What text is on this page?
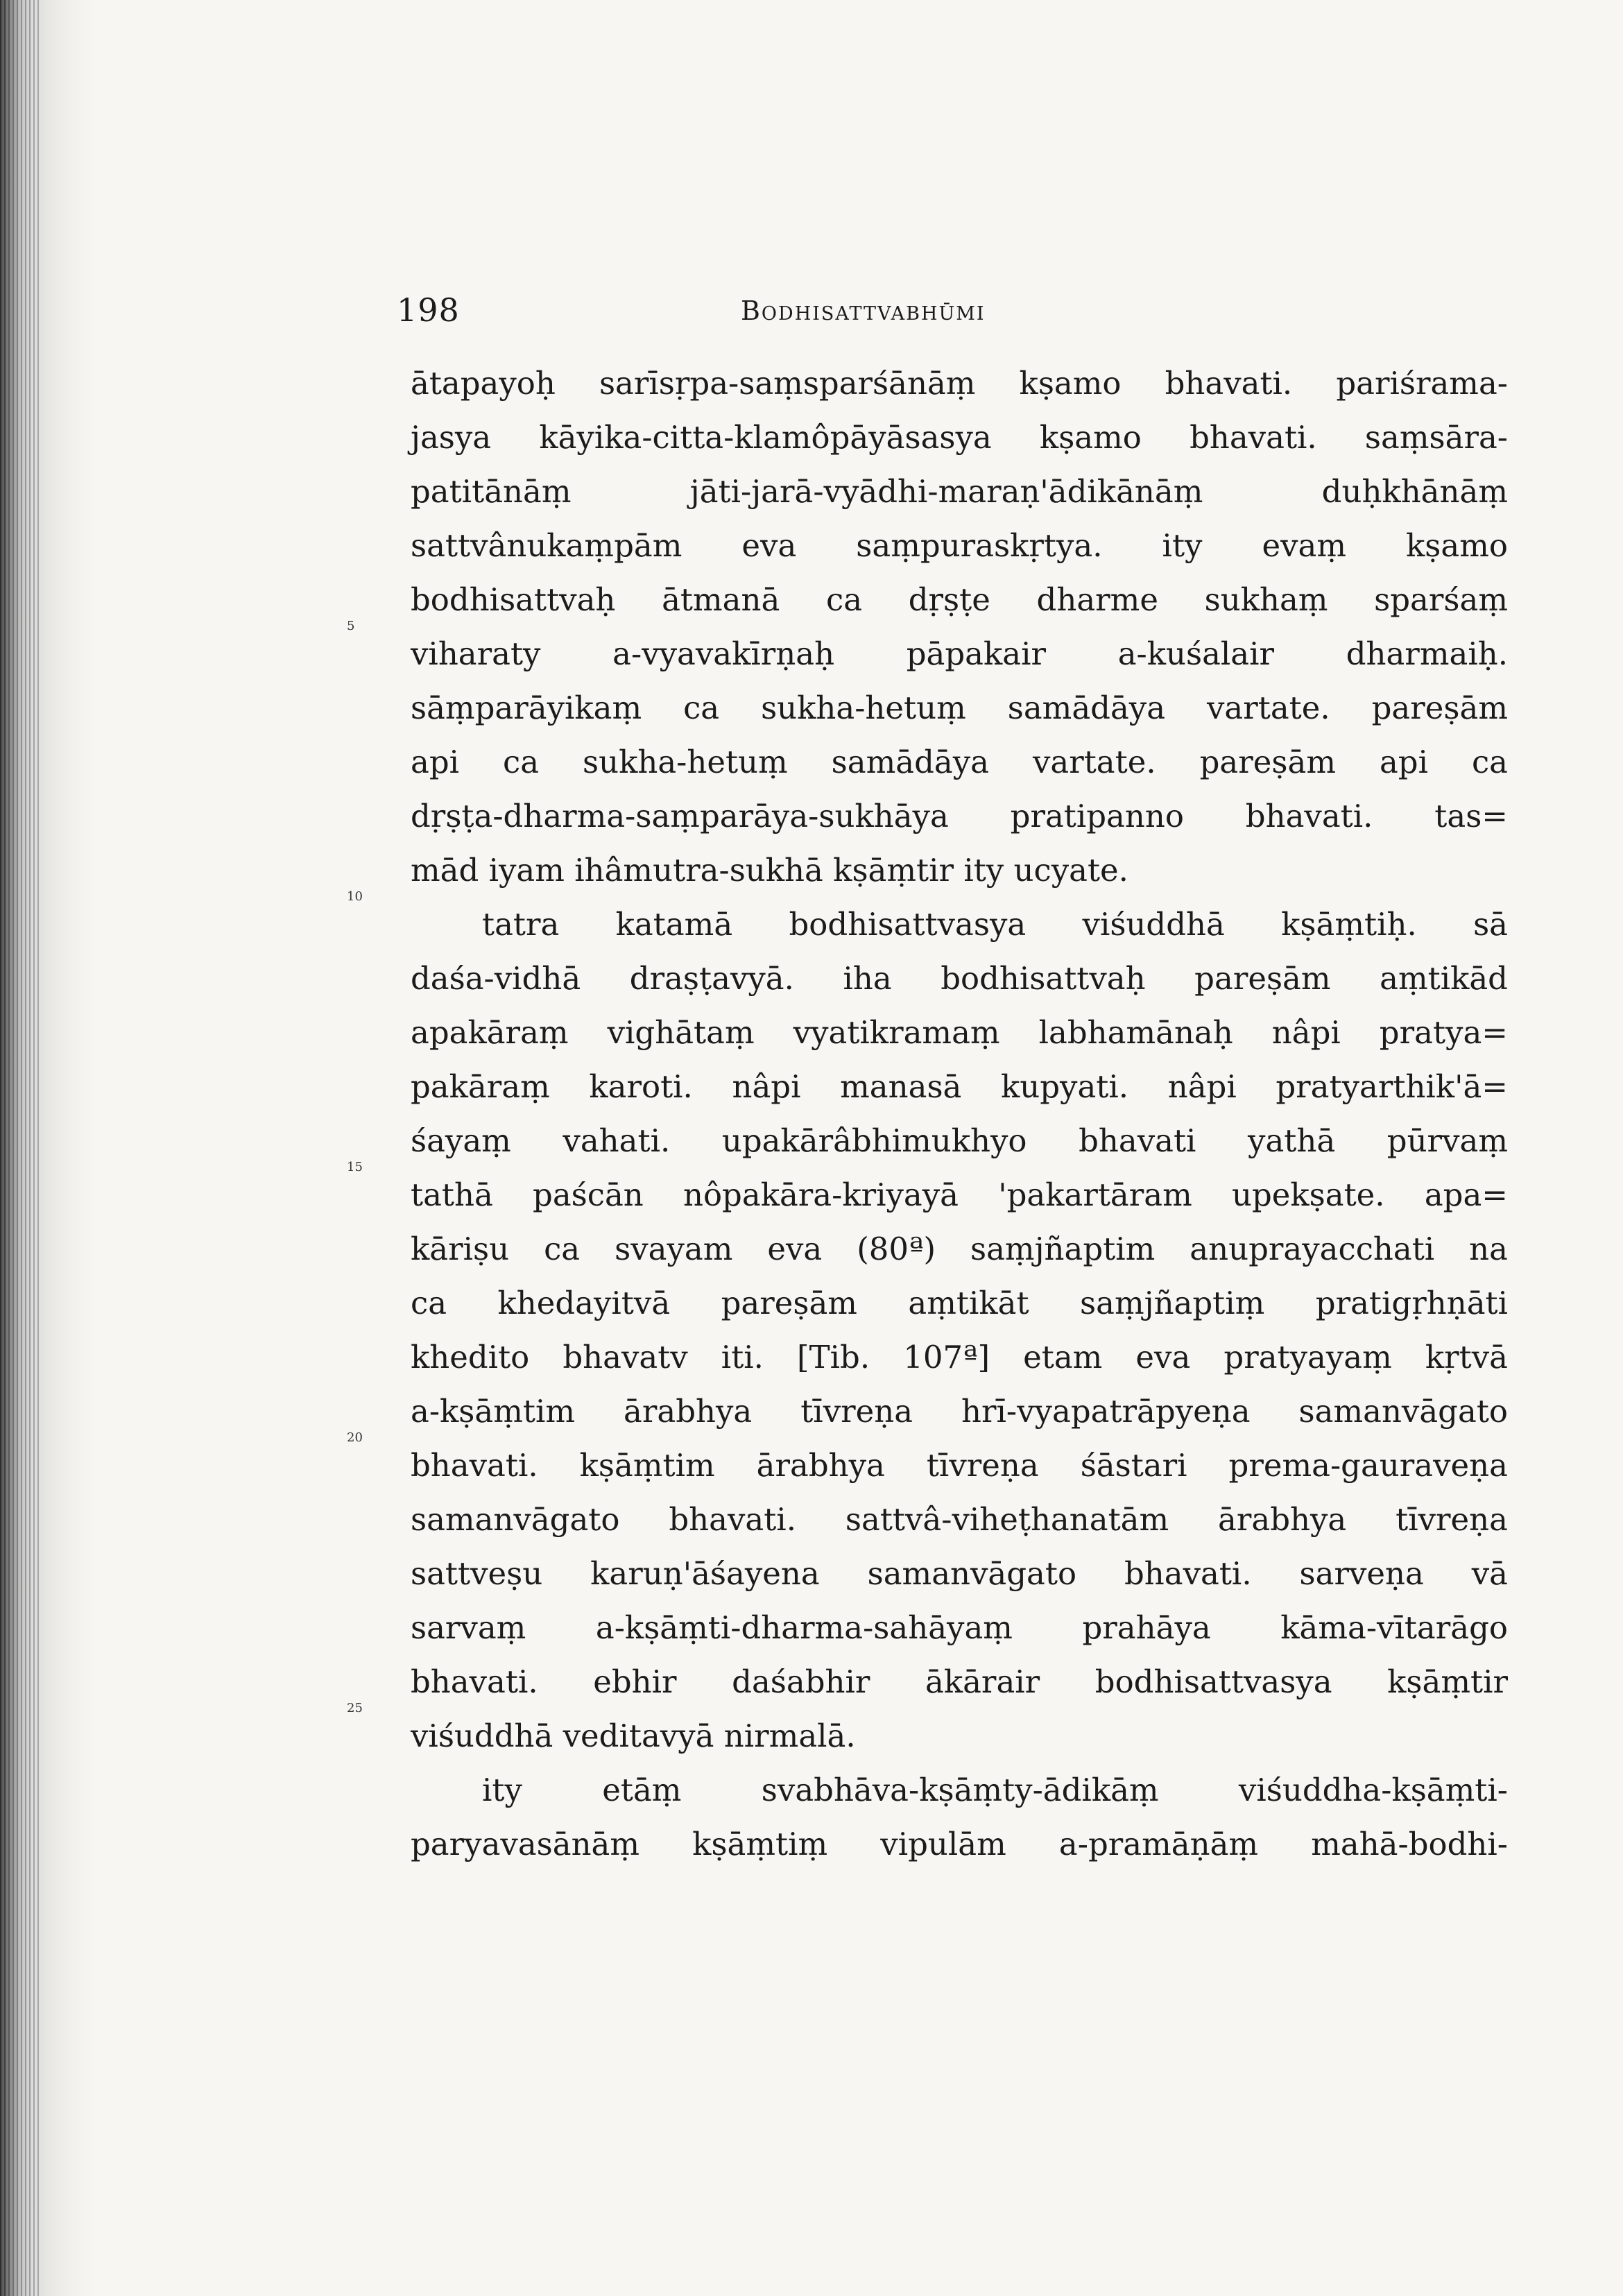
198	Bodhisattvabhūmi
5
10
15
20
25
ātapayoḥ sarīsṛpa-saṃsparśānāṃ kṣamo bhavati. pariśrama-
jasya kāyika-citta-klamôpāyāsasya kṣamo bhavati. saṃsāra-
patitānāṃ jāti-jarā-vyādhi-maraṇ'ādikānāṃ duḥkhānāṃ
sattvânukaṃpām eva saṃpuraskṛtya. ity evaṃ kṣamo
bodhisattvaḥ ātmanā ca dṛṣṭe dharme sukhaṃ sparśaṃ
viharaty a-vyavakīrṇaḥ pāpakair a-kuśalair dharmaiḥ.
sāṃparāyikaṃ ca sukha-hetuṃ samādāya vartate. pareṣām
api ca sukha-hetuṃ samādāya vartate. pareṣām api ca
dṛṣṭa-dharma-saṃparāya-sukhāya pratipanno bhavati. tas=
mād iyam ihâmutra-sukhā kṣāṃtir ity ucyate.
tatra katamā bodhisattvasya viśuddhā kṣāṃtiḥ. sā
daśa-vidhā draṣṭavyā. iha bodhisattvaḥ pareṣām aṃtikād
apakāraṃ vighātaṃ vyatikramaṃ labhamānaḥ nâpi pratya=
pakāraṃ karoti. nâpi manasā kupyati. nâpi pratyarthik'ā=
śayaṃ vahati. upakārâbhimukhyo bhavati yathā pūrvaṃ
tathā paścān nôpakāra-kriyayā 'pakartāram upekṣate. apa=
kāriṣu ca svayam eva (80ª) saṃjñaptim anuprayacchati na
ca khedayitvā pareṣām aṃtikāt saṃjñaptiṃ pratigṛhṇāti
khedito bhavatv iti. [Tib. 107ª] etam eva pratyayaṃ kṛtvā
a-kṣāṃtim ārabhya tīvreṇa hrī-vyapatrāpyeṇa samanvāgato
bhavati. kṣāṃtim ārabhya tīvreṇa śāstari prema-gauraveṇa
samanvāgato bhavati. sattvâ-viheṭhanatām ārabhya tīvreṇa
sattveṣu karuṇ'āśayena samanvāgato bhavati. sarveṇa vā
sarvaṃ a-kṣāṃti-dharma-sahāyaṃ prahāya kāma-vītarāgo
bhavati. ebhir daśabhir ākārair bodhisattvasya kṣāṃtir
viśuddhā veditavyā nirmalā.
ity etāṃ svabhāva-kṣāṃty-ādikāṃ viśuddha-kṣāṃti-
paryavasānāṃ kṣāṃtiṃ vipulām a-pramāṇāṃ mahā-bodhi-
